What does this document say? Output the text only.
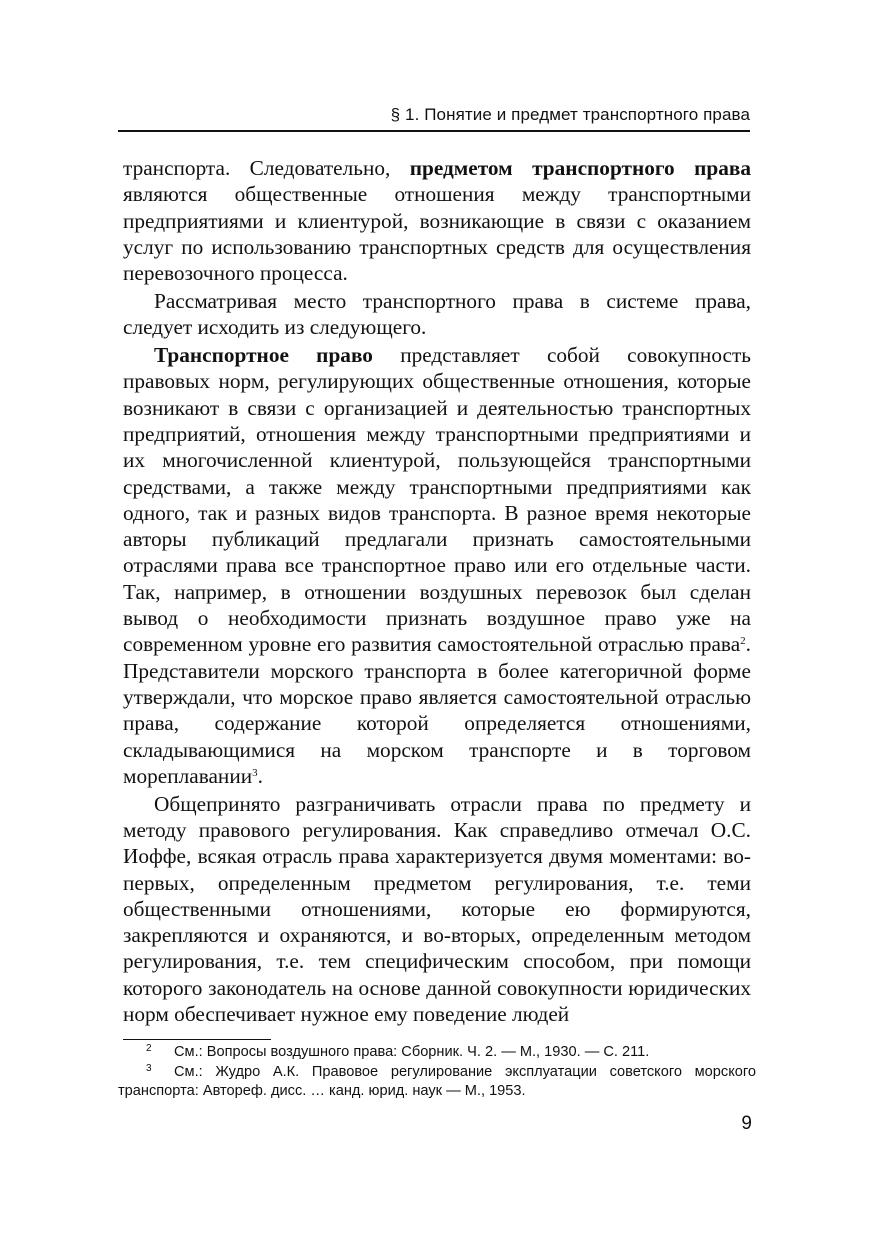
§ 1. Понятие и предмет транспортного права

транспорта. Следовательно, предметом транспортного права являются общественные отношения между транспортными предприятиями и клиентурой, возникающие в связи с оказанием услуг по использованию транспортных средств для осуществления перевозочного процесса.

Рассматривая место транспортного права в системе права, следует исходить из следующего.

Транспортное право представляет собой совокупность правовых норм, регулирующих общественные отношения, которые возникают в связи с организацией и деятельностью транспортных предприятий, отношения между транспортными предприятиями и их многочисленной клиентурой, пользующейся транспортными средствами, а также между транспортными предприятиями как одного, так и разных видов транспорта. В разное время некоторые авторы публикаций предлагали признать самостоятельными отраслями права все транспортное право или его отдельные части. Так, например, в отношении воздушных перевозок был сделан вывод о необходимости признать воздушное право уже на современном уровне его развития самостоятельной отраслью права$^2$. Представители морского транспорта в более категоричной форме утверждали, что морское право является самостоятельной отраслью права, содержание которой определяется отношениями, складывающимися на морском транспорте и в торговом мореплавании$^3$.

Общепринято разграничивать отрасли права по предмету и методу правового регулирования. Как справедливо отмечал О.С. Иоффе, всякая отрасль права характеризуется двумя моментами: во-первых, определенным предметом регулирования, т.е. теми общественными отношениями, которые ею формируются, закрепляются и охраняются, и во-вторых, определенным методом регулирования, т.е. тем специфическим способом, при помощи которого законодатель на основе данной совокупности юридических норм обеспечивает нужное ему поведение людей

2 См.: Вопросы воздушного права: Сборник. Ч. 2. — М., 1930. — С. 211.

3 См.: Жудро А.К. Правовое регулирование эксплуатации советского морского транспорта: Автореф. дисс. … канд. юрид. наук — М., 1953.

9
